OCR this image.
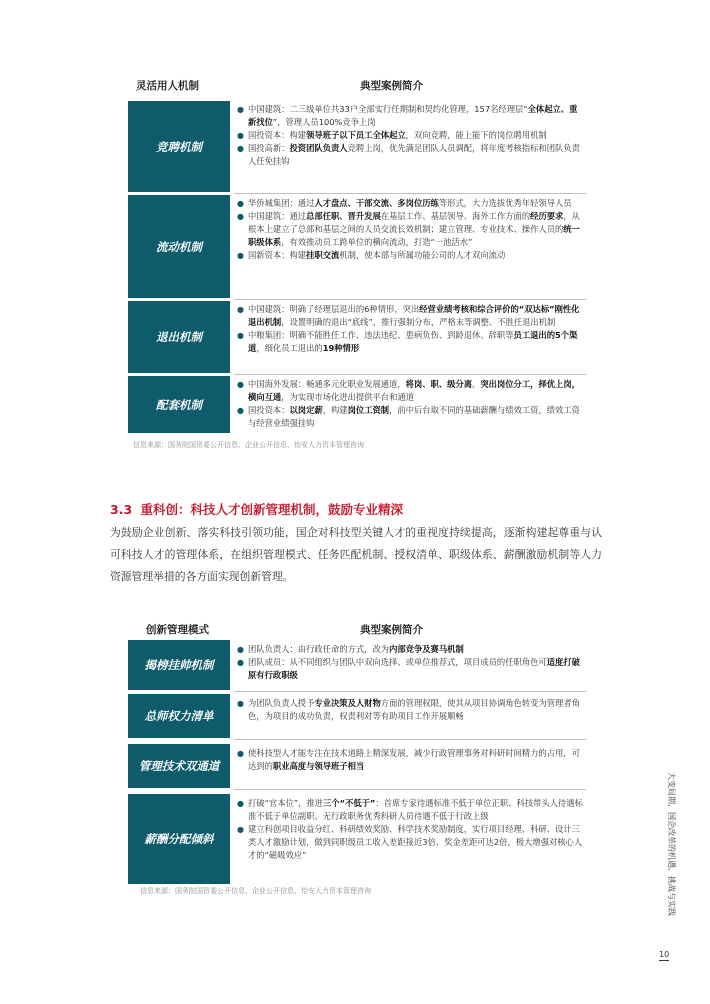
灵活用人机制	典型案例简介
竞聘机制
● 中国建筑：二三级单位共33户全部实行任期制和契约化管理，157名经理层“全体起立、重新找位”，管理人员100%竞争上岗
● 国投资本：构建领导班子以下员工全体起立，双向竞聘，能上能下的岗位聘用机制
● 国投高新：投资团队负责人竞聘上岗，优先满足团队人员调配，将年度考核指标和团队负责人任免挂钩
流动机制
● 华侨城集团：通过人才盘点、干部交流、多岗位历练等形式，大力选拔优秀年轻领导人员
● 中国建筑：通过总部任职、晋升发展在基层工作、基层领导、海外工作方面的经历要求，从根本上建立了总部和基层之间的人员交流长效机制；建立管理、专业技术、操作人员的统一职级体系，有效推动员工跨单位的横向流动，打造“一池活水”
● 国新资本：构建挂职交流机制，使本部与所属功能公司的人才双向流动
退出机制
● 中国建筑：明确了经理层退出的6种情形，突出经营业绩考核和综合评价的“双达标”刚性化退出机制，设置明确的退出“底线”，推行强制分布，严格末等调整、不胜任退出机制
● 中粮集团：明确不能胜任工作、违法违纪、患病负伤、到龄退休、辞职等员工退出的5个渠道，细化员工退出的19种情形
配套机制
● 中国海外发展：畅通多元化职业发展通道，将岗、职、级分离。突出岗位分工，择优上岗，横向互通，为实现市场化进出提供平台和通道
● 国投资本：以岗定薪，构建岗位工资制，前中后台取不同的基础薪酬与绩效工资，绩效工资与经营业绩强挂钩
信息来源：国务院国资委公开信息、企业公开信息、怡安人力资本管理咨询
3.3 重科创：科技人才创新管理机制，鼓励专业精深
为鼓励企业创新、落实科技引领功能，国企对科技型关键人才的重视度持续提高，逐渐构建起尊重与认可科技人才的管理体系，在组织管理模式、任务匹配机制、授权清单、职级体系、薪酬激励机制等人力资源管理举措的各方面实现创新管理。
创新管理模式	典型案例简介
揭榜挂帅机制
● 团队负责人：由行政任命的方式，改为内部竞争及赛马机制
● 团队成员：从不同组织与团队中双向选择、或单位推荐式，项目成员的任职角色可适度打破原有行政职级
总师权力清单
● 为团队负责人授予专业决策及人财物方面的管理权限，使其从项目协调角色转变为管理者角色，为项目的成功负责，权责利对等有助项目工作开展顺畅
管理技术双通道
● 使科技型人才能专注在技术道路上精深发展，减少行政管理事务对科研时间精力的占用，可达到的职业高度与领导班子相当
薪酬分配倾斜
● 打破“官本位”，推进三个“不低于”：首席专家待遇标准不低于单位正职、科技带头人待遇标准不低于单位副职、无行政职务优秀科研人员待遇不低于行政上级
● 建立科创项目收益分红、科研绩效奖励、科学技术奖励制度，实行项目经理、科研、设计三类人才激励计划，做到同职级员工收入差距接近3倍、奖金差距可达2倍，极大增强对核心人才的“磁吸效应”
信息来源：国务院国资委公开信息、企业公开信息、怡安人力资本管理咨询	大变局期，国企改革的机遇、挑战与实践
10
